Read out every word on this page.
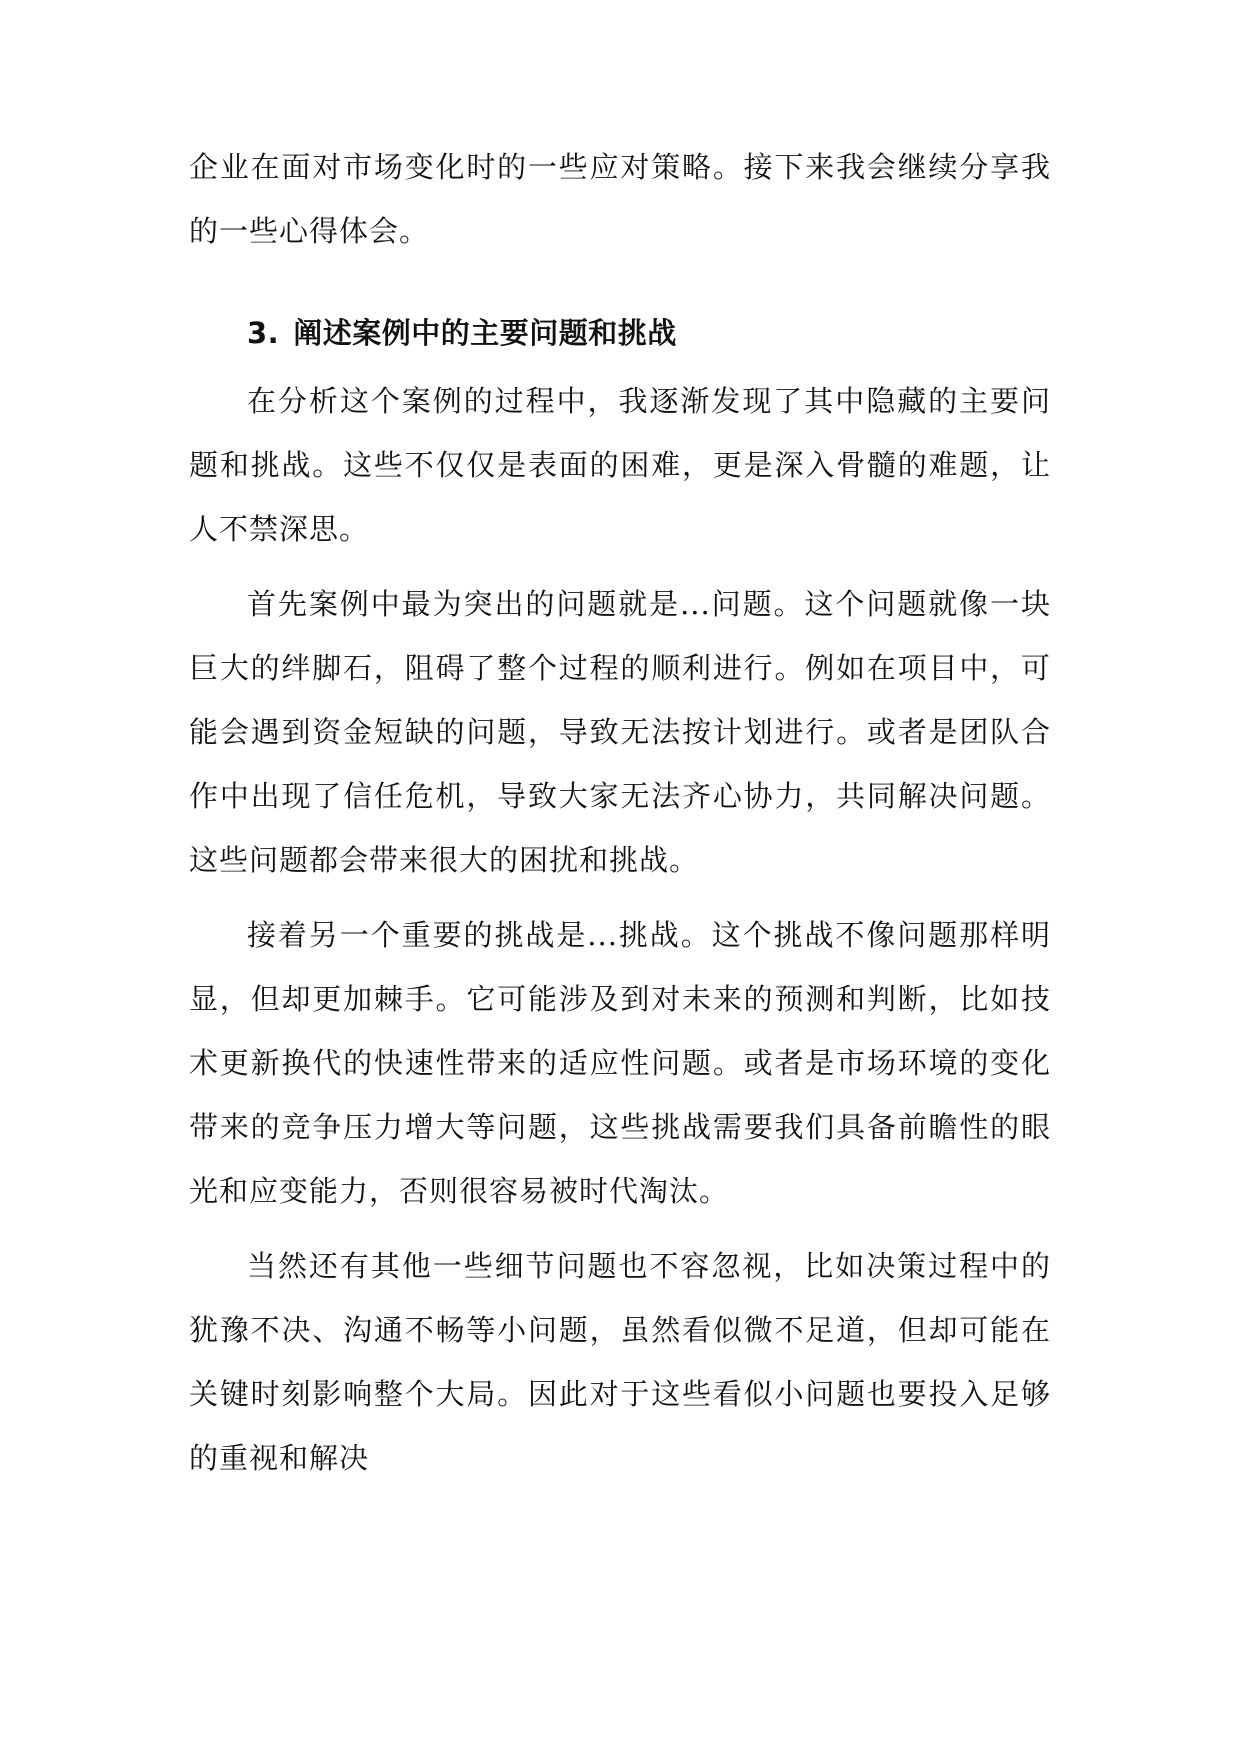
企业在面对市场变化时的一些应对策略。接下来我会继续分享我的一些心得体会。

3. 阐述案例中的主要问题和挑战

在分析这个案例的过程中，我逐渐发现了其中隐藏的主要问题和挑战。这些不仅仅是表面的困难，更是深入骨髓的难题，让人不禁深思。

首先案例中最为突出的问题就是...问题。这个问题就像一块巨大的绊脚石，阻碍了整个过程的顺利进行。例如在项目中，可能会遇到资金短缺的问题，导致无法按计划进行。或者是团队合作中出现了信任危机，导致大家无法齐心协力，共同解决问题。这些问题都会带来很大的困扰和挑战。

接着另一个重要的挑战是...挑战。这个挑战不像问题那样明显，但却更加棘手。它可能涉及到对未来的预测和判断，比如技术更新换代的快速性带来的适应性问题。或者是市场环境的变化带来的竞争压力增大等问题，这些挑战需要我们具备前瞻性的眼光和应变能力，否则很容易被时代淘汰。

当然还有其他一些细节问题也不容忽视，比如决策过程中的犹豫不决、沟通不畅等小问题，虽然看似微不足道，但却可能在关键时刻影响整个大局。因此对于这些看似小问题也要投入足够的重视和解决
